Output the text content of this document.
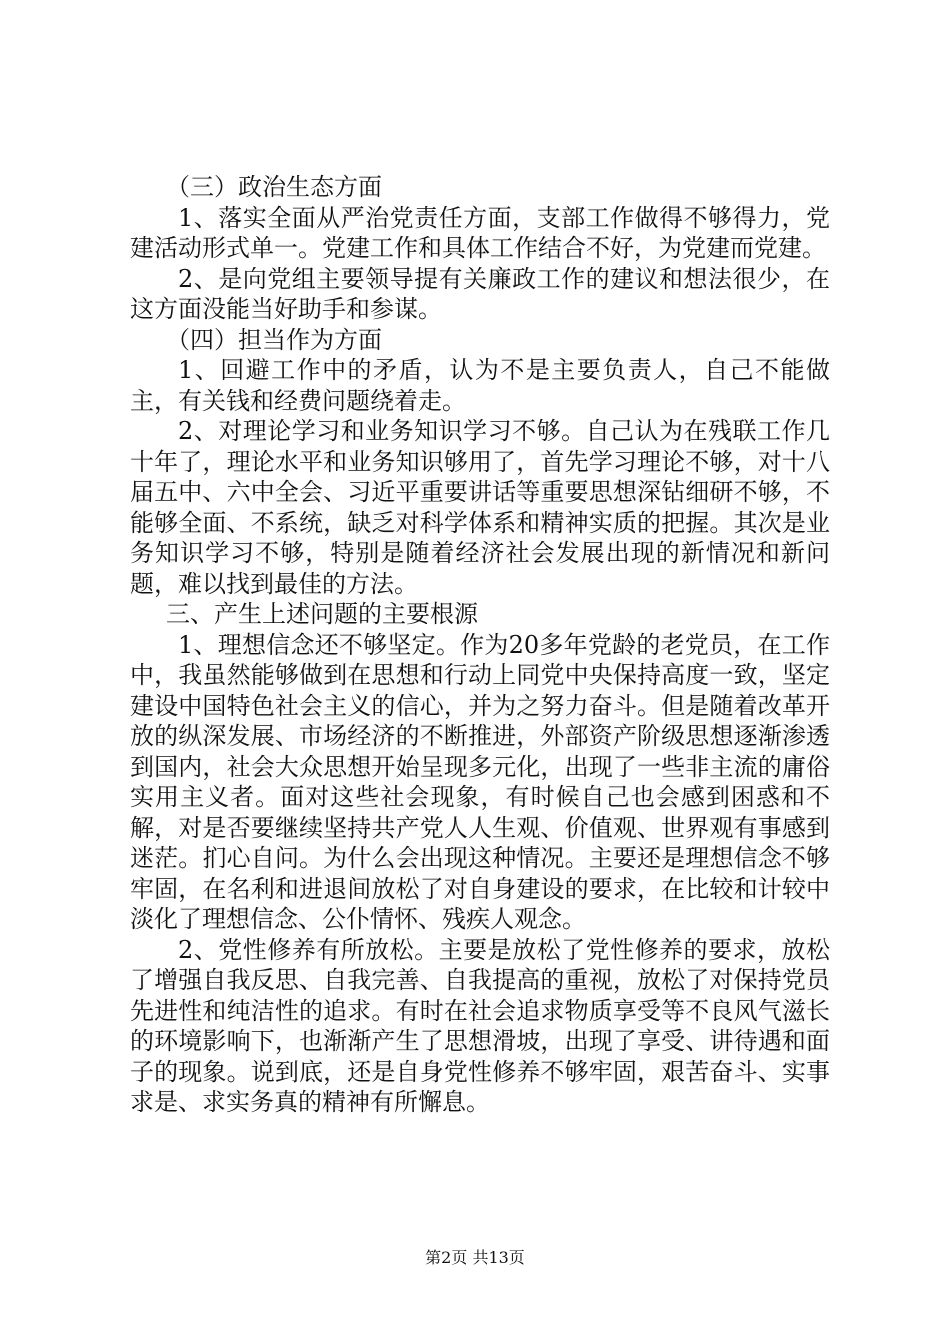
（三）政治生态方面

1、落实全面从严治党责任方面，支部工作做得不够得力，党建活动形式单一。党建工作和具体工作结合不好，为党建而党建。

2、是向党组主要领导提有关廉政工作的建议和想法很少，在这方面没能当好助手和参谋。

（四）担当作为方面

1、回避工作中的矛盾，认为不是主要负责人，自己不能做主，有关钱和经费问题绕着走。

2、对理论学习和业务知识学习不够。自己认为在残联工作几十年了，理论水平和业务知识够用了，首先学习理论不够，对十八届五中、六中全会、习近平重要讲话等重要思想深钻细研不够，不能够全面、不系统，缺乏对科学体系和精神实质的把握。其次是业务知识学习不够，特别是随着经济社会发展出现的新情况和新问题，难以找到最佳的方法。

三、产生上述问题的主要根源

1、理想信念还不够坚定。作为20多年党龄的老党员，在工作中，我虽然能够做到在思想和行动上同党中央保持高度一致，坚定建设中国特色社会主义的信心，并为之努力奋斗。但是随着改革开放的纵深发展、市场经济的不断推进，外部资产阶级思想逐渐渗透到国内，社会大众思想开始呈现多元化，出现了一些非主流的庸俗实用主义者。面对这些社会现象，有时候自己也会感到困惑和不解，对是否要继续坚持共产党人人生观、价值观、世界观有事感到迷茫。扪心自问。为什么会出现这种情况。主要还是理想信念不够牢固，在名利和进退间放松了对自身建设的要求，在比较和计较中淡化了理想信念、公仆情怀、残疾人观念。

2、党性修养有所放松。主要是放松了党性修养的要求，放松了增强自我反思、自我完善、自我提高的重视，放松了对保持党员先进性和纯洁性的追求。有时在社会追求物质享受等不良风气滋长的环境影响下，也渐渐产生了思想滑坡，出现了享受、讲待遇和面子的现象。说到底，还是自身党性修养不够牢固，艰苦奋斗、实事求是、求实务真的精神有所懈息。

第2页 共13页
